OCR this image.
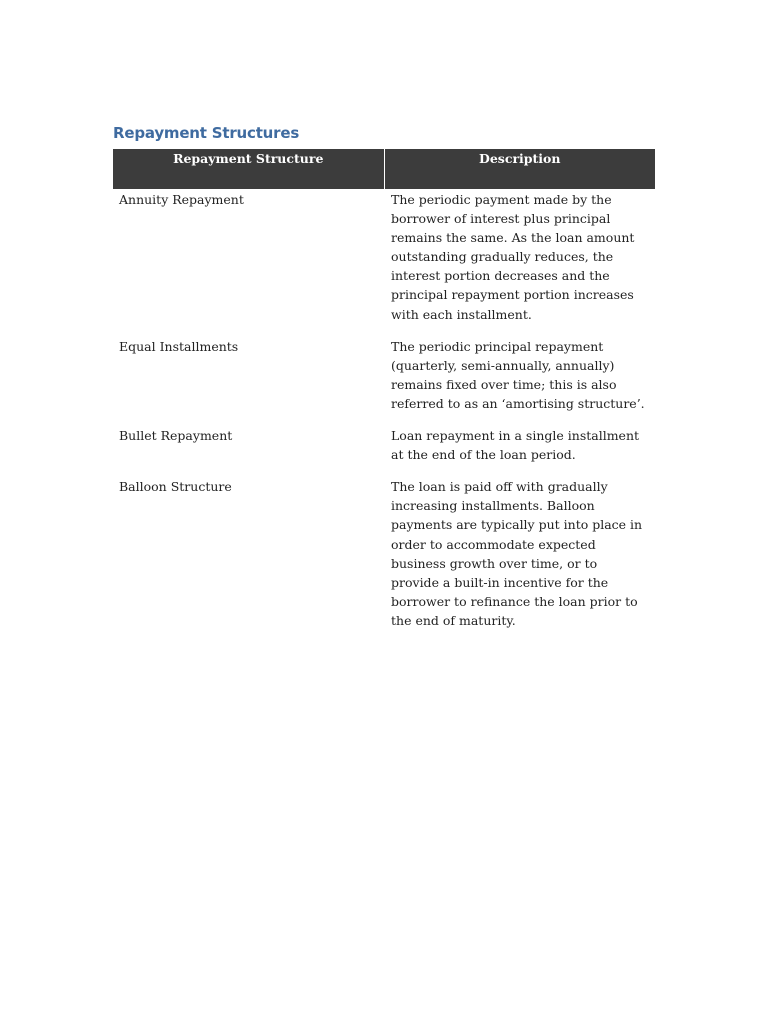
Repayment Structures
Repayment Structure	Description
Annuity Repayment	The periodic payment made by the borrower of interest plus principal remains the same. As the loan amount outstanding gradually reduces, the interest portion decreases and the principal repayment portion increases with each installment.
Equal Installments	The periodic principal repayment (quarterly, semi-annually, annually) remains fixed over time; this is also referred to as an ‘amortising structure’.
Bullet Repayment	Loan repayment in a single installment at the end of the loan period.
Balloon Structure	The loan is paid off with gradually increasing installments. Balloon payments are typically put into place in order to accommodate expected business growth over time, or to provide a built-in incentive for the borrower to refinance the loan prior to the end of maturity.
